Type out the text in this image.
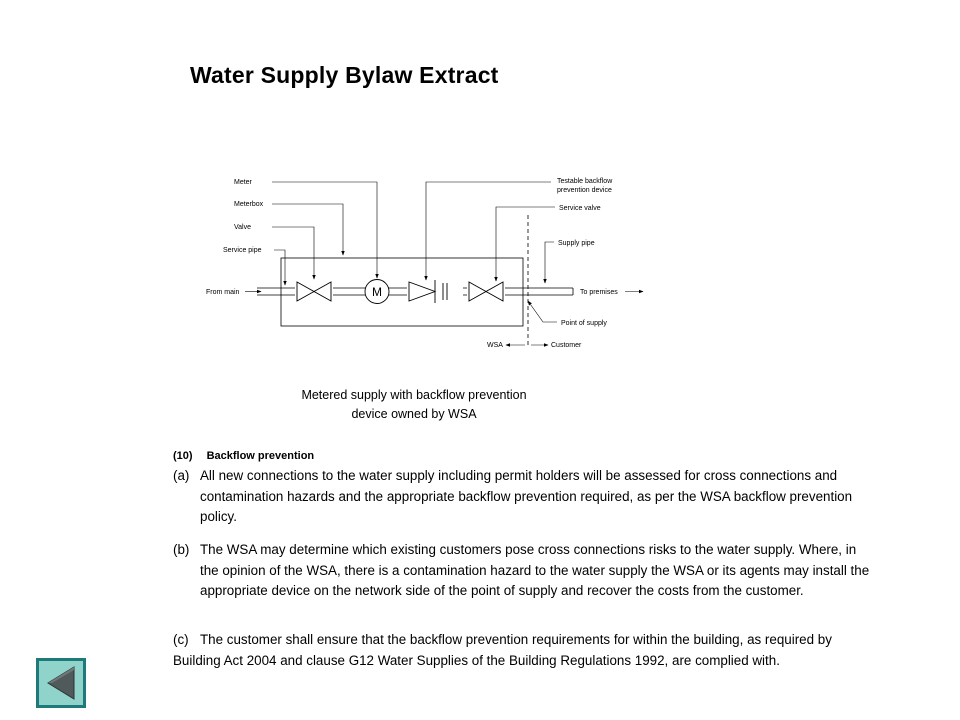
Water Supply Bylaw Extract
M
Meter
Meterbox
Valve
Service pipe
From main
Testable backflow
prevention device
Service valve
Supply pipe
To premises
Point of supply
WSA	Customer
Metered supply with backflow prevention
device owned by WSA
(10) Backflow prevention
(a) All new connections to the water supply including permit holders will be assessed for cross connections and contamination hazards and the appropriate backflow prevention required, as per the WSA backflow prevention policy.
(b) The WSA may determine which existing customers pose cross connections risks to the water supply. Where, in the opinion of the WSA, there is a contamination hazard to the water supply the WSA or its agents may install the appropriate device on the network side of the point of supply and recover the costs from the customer.
(c) The customer shall ensure that the backflow prevention requirements for within the building, as required by Building Act 2004 and clause G12 Water Supplies of the Building Regulations 1992, are complied with.
